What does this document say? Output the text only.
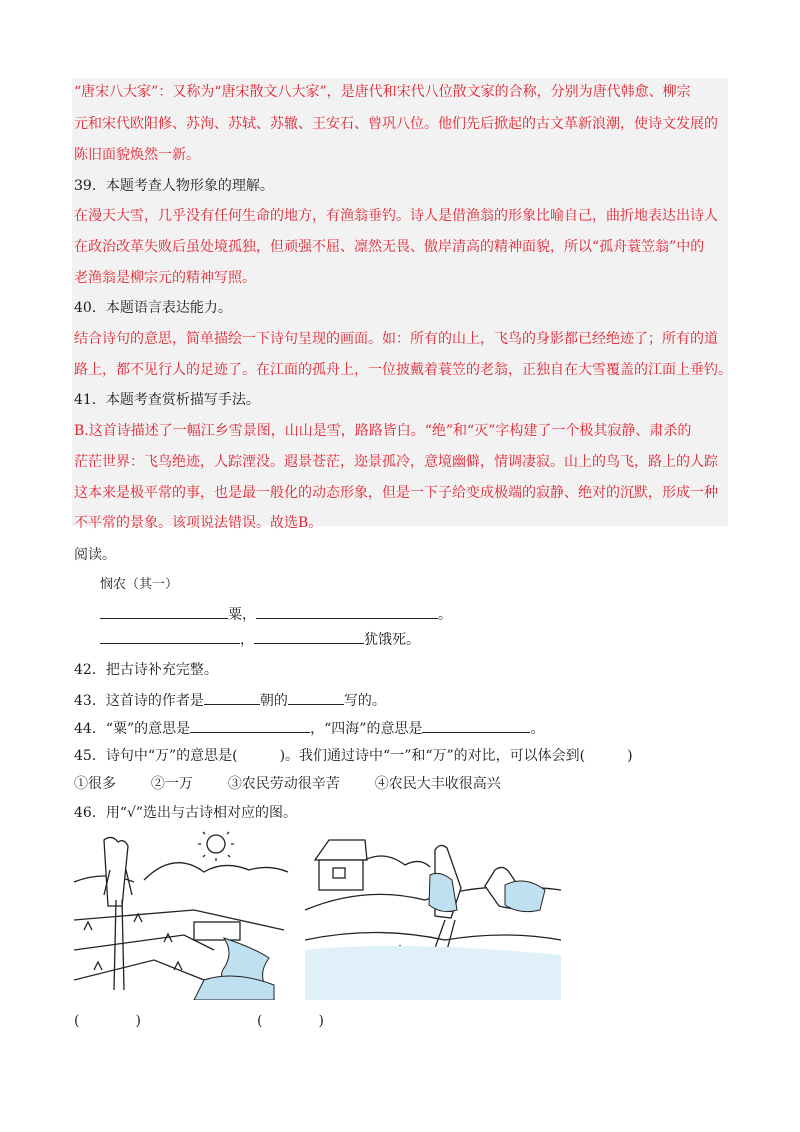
“唐宋八大家”：又称为“唐宋散文八大家”，是唐代和宋代八位散文家的合称，分别为唐代韩愈、柳宗
元和宋代欧阳修、苏洵、苏轼、苏辙、王安石、曾巩八位。他们先后掀起的古文革新浪潮，使诗文发展的
陈旧面貌焕然一新。
39．本题考查人物形象的理解。
在漫天大雪，几乎没有任何生命的地方，有渔翁垂钓。诗人是借渔翁的形象比喻自己，曲折地表达出诗人
在政治改革失败后虽处境孤独，但顽强不屈、凛然无畏、傲岸清高的精神面貌，所以“孤舟蓑笠翁”中的
老渔翁是柳宗元的精神写照。
40．本题语言表达能力。
结合诗句的意思，简单描绘一下诗句呈现的画面。如：所有的山上，飞鸟的身影都已经绝迹了；所有的道
路上，都不见行人的足迹了。在江面的孤舟上，一位披戴着蓑笠的老翁，正独自在大雪覆盖的江面上垂钓。
41．本题考查赏析描写手法。
B.这首诗描述了一幅江乡雪景图，山山是雪，路路皆白。“绝”和“灭”字构建了一个极其寂静、肃杀的
茫茫世界：飞鸟绝迹，人踪湮没。遐景苍茫，迩景孤冷，意境幽僻，情调凄寂。山上的鸟飞，路上的人踪
这本来是极平常的事，也是最一般化的动态形象，但是一下子给变成极端的寂静、绝对的沉默，形成一种
不平常的景象。该项说法错误。故选B。
阅读。
悯农（其一）
粟，	。
，	犹饿死。
42．把古诗补充完整。
43．这首诗的作者是	朝的	写的。
44．“粟”的意思是	，“四海”的意思是	。
45．诗句中“万”的意思是(　　　)。我们通过诗中“一”和“万”的对比，可以体会到(　　　)
①很多 ②一万 ③农民劳动很辛苦 ④农民大丰收很高兴
46．用“√”选出与古诗相对应的图。
(　　　　)	(　　　　)
